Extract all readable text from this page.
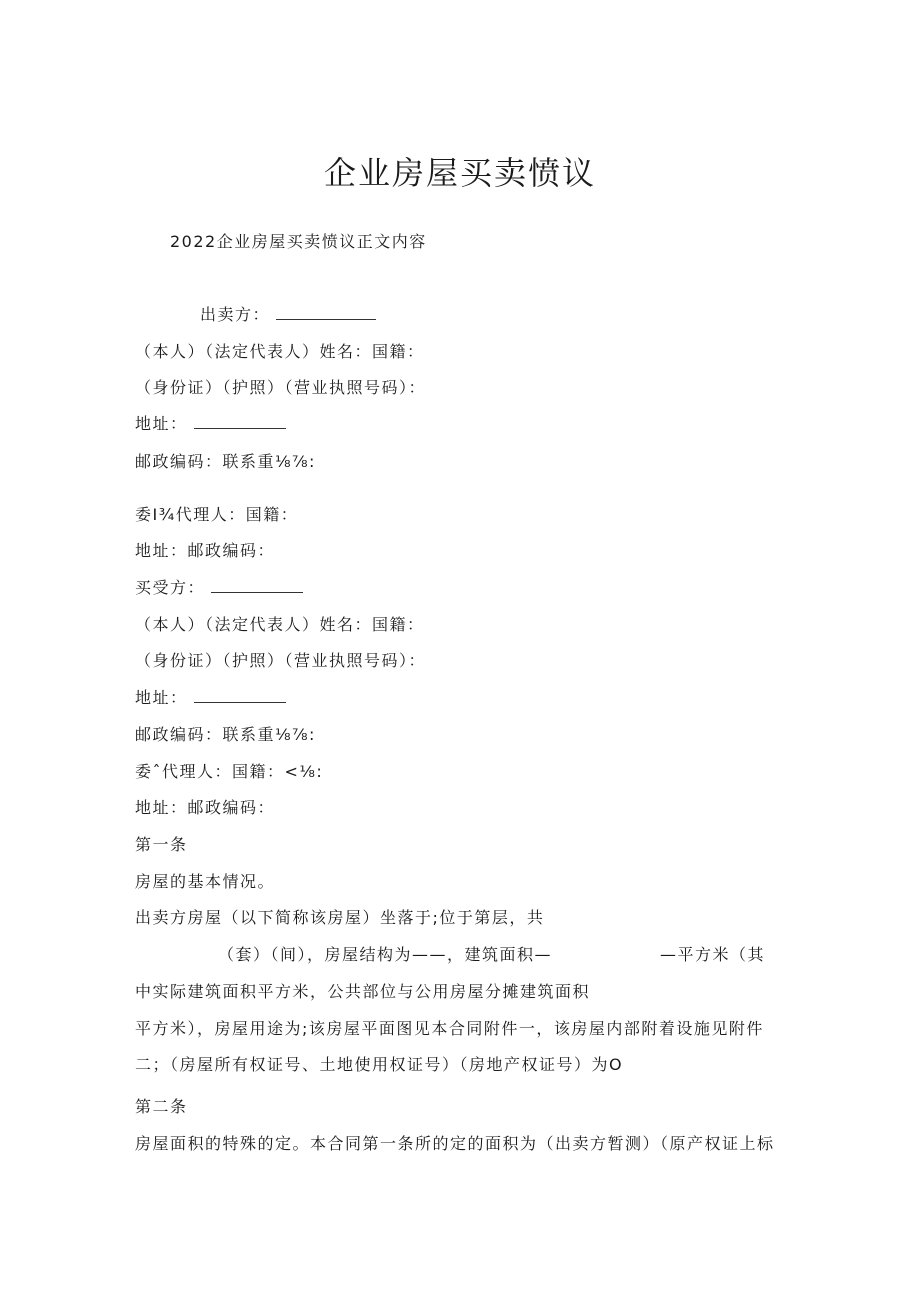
企业房屋买卖愤议
2022企业房屋买卖愤议正文内容
出卖方：
（本人）（法定代表人）姓名：国籍：
（身份证）（护照）（营业执照号码）：
地址：
邮政编码：联系重⅛⅞:
委I¾代理人：国籍：
地址：邮政编码：
买受方：
（本人）（法定代表人）姓名：国籍：
（身份证）（护照）（营业执照号码）：
地址：
邮政编码：联系重⅛⅞:
委ˆ代理人：国籍：<⅛:
地址：邮政编码：
第一条
房屋的基本情况。
出卖方房屋（以下简称该房屋）坐落于;位于第层，共
（套）（间），房屋结构为——，建筑面积—	—平方米（其
中实际建筑面积平方米，公共部位与公用房屋分摊建筑面积
平方米），房屋用途为;该房屋平面图见本合同附件一，该房屋内部附着设施见附件
二；（房屋所有权证号、土地使用权证号）（房地产权证号）为O
第二条
房屋面积的特殊的定。本合同第一条所的定的面积为（出卖方暂测）（原产权证上标
